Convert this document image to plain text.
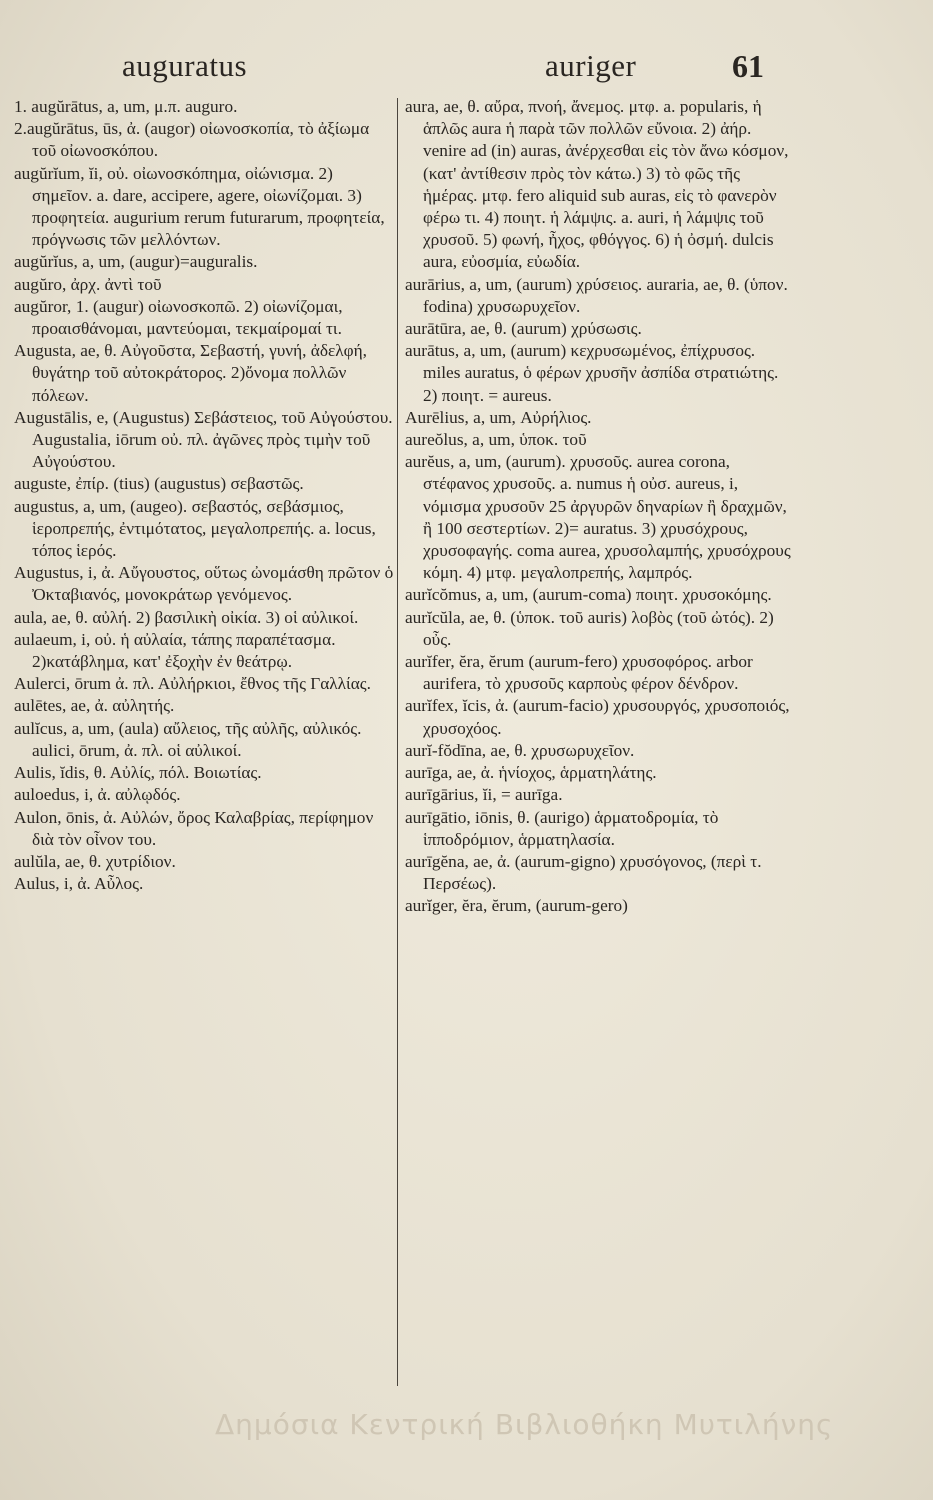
auguratus	auriger	61

1. augŭrātus, a, um, μ.π. auguro.

2.augŭrātus, ūs, ἀ. (augor) οἰωνοσκοπία, τὸ ἀξίωμα τοῦ οἰωνοσκόπου.

augŭrĭum, ĭi, οὐ. οἰωνοσκόπημα, οἰώνισμα. 2) σημεῖον. a. dare, accipere, agere, οἰωνίζομαι. 3) προφητεία. augurium rerum futurarum, προφητεία, πρόγνωσις τῶν μελλόντων.

augŭrĭus, a, um, (augur)=auguralis.

augŭro, ἀρχ. ἀντὶ τοῦ

augŭror, 1. (augur) οἰωνοσκοπῶ. 2) οἰωνίζομαι, προαισθάνομαι, μαντεύομαι, τεκμαίρομαί τι.

Augusta, ae, θ. Αὐγοῦστα, Σεβαστή, γυνή, ἀδελφή, θυγάτηρ τοῦ αὐτοκράτορος. 2)ὄνομα πολλῶν πόλεων.

Augustālis, e, (Augustus) Σεβάστειος, τοῦ Αὐγούστου. Augustalia, iōrum οὐ. πλ. ἀγῶνες πρὸς τιμὴν τοῦ Αὐγούστου.

auguste, ἐπίρ. (tius) (augustus) σεβαστῶς.

augustus, a, um, (augeo). σεβαστός, σεβάσμιος, ἱεροπρεπής, ἐντιμότατος, μεγαλοπρεπής. a. locus, τόπος ἱερός.

Augustus, i, ἀ. Αὔγουστος, οὕτως ὠνομάσθη πρῶτον ὁ Ὀκταβιανός, μονοκράτωρ γενόμενος.

aula, ae, θ. αὐλή. 2) βασιλικὴ οἰκία. 3) οἱ αὐλικοί.

aulaeum, i, οὐ. ἡ αὐλαία, τάπης παραπέτασμα. 2)κατάβλημα, κατ' ἐξοχὴν ἐν θεάτρῳ.

Aulerci, ōrum ἀ. πλ. Αὐλήρκιοι, ἔθνος τῆς Γαλλίας.

aulētes, ae, ἀ. αὐλητής.

aulĭcus, a, um, (aula) αὔλειος, τῆς αὐλῆς, αὐλικός. aulici, ōrum, ἀ. πλ. οἱ αὐλικοί.

Aulis, ĭdis, θ. Αὐλίς, πόλ. Βοιωτίας.

auloedus, i, ἀ. αὐλῳδός.

Aulon, ōnis, ἀ. Αὐλών, ὄρος Καλαβρίας, περίφημον διὰ τὸν οἶνον του.

aulŭla, ae, θ. χυτρίδιον.

Aulus, i, ἀ. Αὖλος.

aura, ae, θ. αὔρα, πνοή, ἄνεμος. μτφ. a. popularis, ἡ ἁπλῶς aura ἡ παρὰ τῶν πολλῶν εὔνοια. 2) ἀήρ. venire ad (in) auras, ἀνέρχεσθαι εἰς τὸν ἄνω κόσμον, (κατ' ἀντίθεσιν πρὸς τὸν κάτω.) 3) τὸ φῶς τῆς ἡμέρας. μτφ. fero aliquid sub auras, εἰς τὸ φανερὸν φέρω τι. 4) ποιητ. ἡ λάμψις. a. auri, ἡ λάμψις τοῦ χρυσοῦ. 5) φωνή, ἦχος, φθόγγος. 6) ἡ ὀσμή. dulcis aura, εὐοσμία, εὐωδία.

aurārius, a, um, (aurum) χρύσειος. auraria, ae, θ. (ὑπον. fodina) χρυσωρυχεῖον.

aurātūra, ae, θ. (aurum) χρύσωσις.

aurātus, a, um, (aurum) κεχρυσωμένος, ἐπίχρυσος. miles auratus, ὁ φέρων χρυσῆν ἀσπίδα στρατιώτης. 2) ποιητ. = aureus.

Aurēlius, a, um, Αὐρήλιος.

aureŏlus, a, um, ὑποκ. τοῦ

aurĕus, a, um, (aurum). χρυσοῦς. aurea corona, στέφανος χρυσοῦς. a. numus ἡ οὐσ. aureus, i, νόμισμα χρυσοῦν 25 ἀργυρῶν δηναρίων ἢ δραχμῶν, ἢ 100 σεστερτίων. 2)= auratus. 3) χρυσόχρους, χρυσοφαγής. coma aurea, χρυσολαμπής, χρυσόχρους κόμη. 4) μτφ. μεγαλοπρεπής, λαμπρός.

aurĭcŏmus, a, um, (aurum-coma) ποιητ. χρυσοκόμης.

aurĭcŭla, ae, θ. (ὑποκ. τοῦ auris) λοβὸς (τοῦ ὠτός). 2) οὖς.

aurĭfer, ĕra, ĕrum (aurum-fero) χρυσοφόρος. arbor aurifera, τὸ χρυσοῦς καρποὺς φέρον δένδρον.

aurĭfex, ĭcis, ἀ. (aurum-facio) χρυσουργός, χρυσοποιός, χρυσοχόος.

aurĭ-fŏdīna, ae, θ. χρυσωρυχεῖον.

aurīga, ae, ἀ. ἡνίοχος, ἁρματηλάτης.

aurīgārius, ĭi, = aurīga.

aurīgātio, iōnis, θ. (aurigo) ἁρματοδρομία, τὸ ἱπποδρόμιον, ἁρματηλασία.

aurīgĕna, ae, ἀ. (aurum-gigno) χρυσόγονος, (περὶ τ. Περσέως).

aurĭger, ĕra, ĕrum, (aurum-gero)

Δημόσια Κεντρική Βιβλιοθήκη Μυτιλήνης
